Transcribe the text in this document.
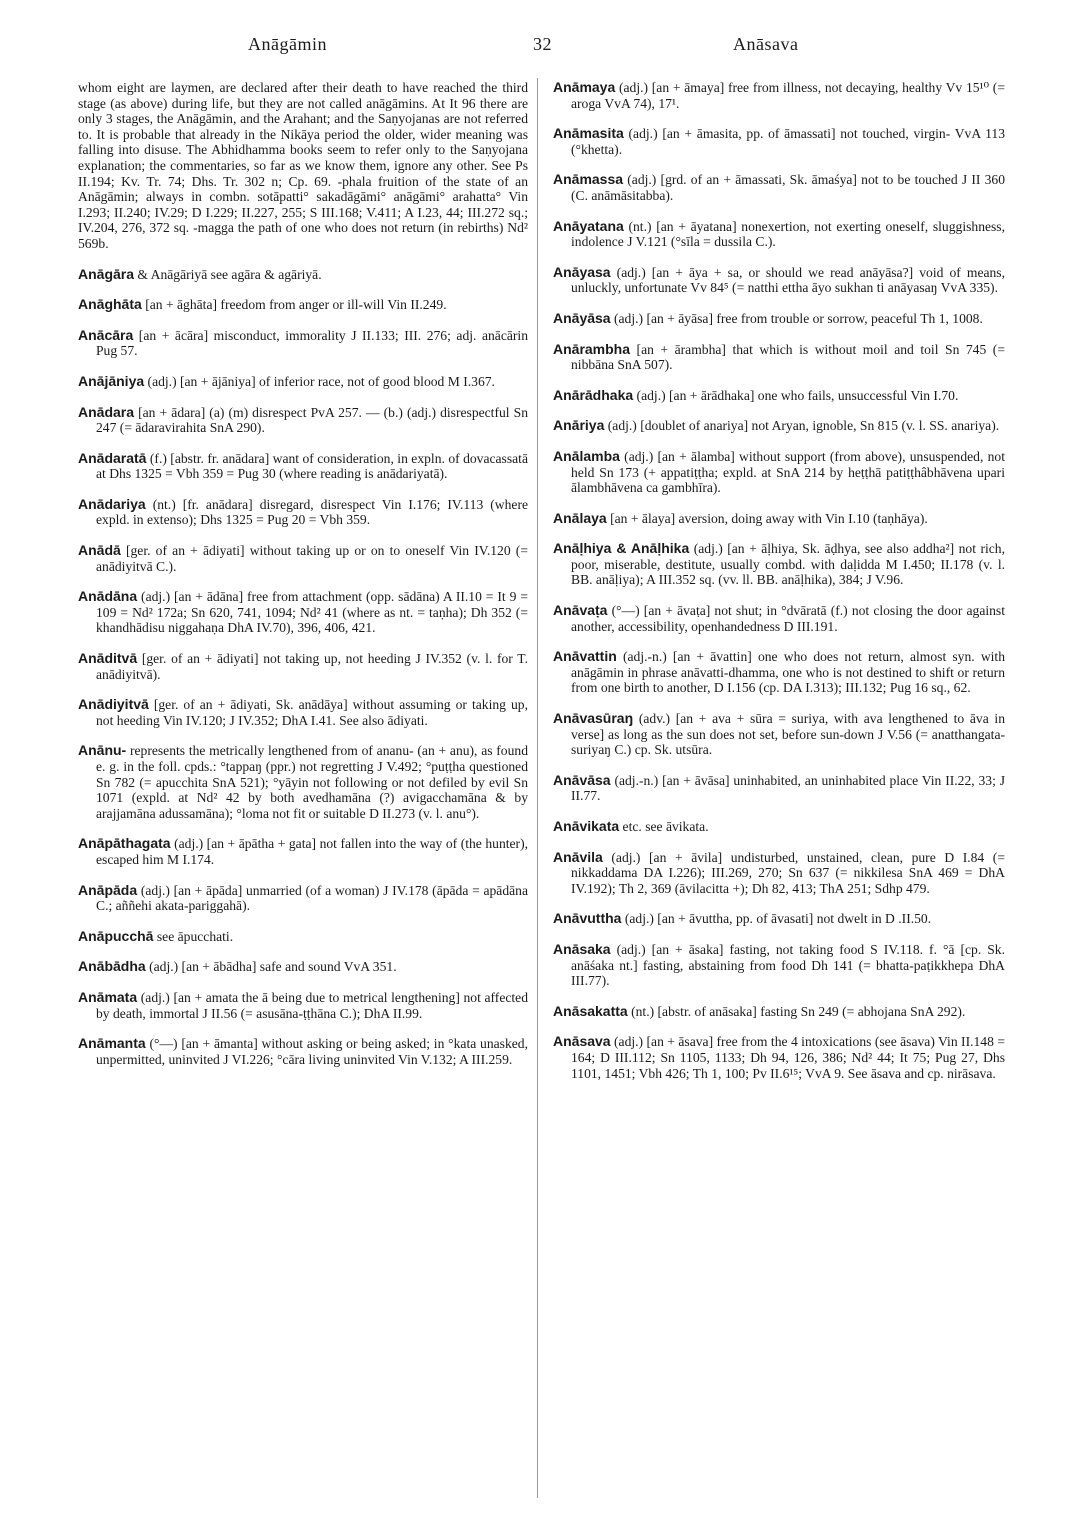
Anāgāmin	32	Anāsava

whom eight are laymen, are declared after their death to have reached the third stage (as above) during life, but they are not called anāgāmins. At It 96 there are only 3 stages, the Anāgāmin, and the Arahant; and the Saṇyojanas are not referred to. It is probable that already in the Nikāya period the older, wider meaning was falling into disuse. The Abhidhamma books seem to refer only to the Saṇyojana explanation; the commentaries, so far as we know them, ignore any other. See Ps II.194; Kv. Tr. 74; Dhs. Tr. 302 n; Cp. 69. -phala fruition of the state of an Anāgāmin; always in combn. sotāpatti° sakadāgāmi° anāgāmi° arahatta° Vin I.293; II.240; IV.29; D I.229; II.227, 255; S III.168; V.411; A I.23, 44; III.272 sq.; IV.204, 276, 372 sq. -magga the path of one who does not return (in rebirths) Nd² 569b.

Anāgāra & Anāgāriyā see agāra & agāriyā.

Anāghāta [an + āghāta] freedom from anger or ill-will Vin II.249.

Anācāra [an + ācāra] misconduct, immorality J II.133; III. 276; adj. anācārin Pug 57.

Anājāniya (adj.) [an + ājāniya] of inferior race, not of good blood M I.367.

Anādara [an + ādara] (a) (m) disrespect PvA 257. — (b.) (adj.) disrespectful Sn 247 (= ādaravirahita SnA 290).

Anādaratā (f.) [abstr. fr. anādara] want of consideration, in expln. of dovacassatā at Dhs 1325 = Vbh 359 = Pug 30 (where reading is anādariyatā).

Anādariya (nt.) [fr. anādara] disregard, disrespect Vin I.176; IV.113 (where expld. in extenso); Dhs 1325 = Pug 20 = Vbh 359.

Anādā [ger. of an + ādiyati] without taking up or on to oneself Vin IV.120 (= anādiyitvā C.).

Anādāna (adj.) [an + ādāna] free from attachment (opp. sādāna) A II.10 = It 9 = 109 = Nd² 172a; Sn 620, 741, 1094; Nd² 41 (where as nt. = taṇha); Dh 352 (= khandhādisu niggahaṇa DhA IV.70), 396, 406, 421.

Anāditvā [ger. of an + ādiyati] not taking up, not heeding J IV.352 (v. l. for T. anādiyitvā).

Anādiyitvā [ger. of an + ādiyati, Sk. anādāya] without assuming or taking up, not heeding Vin IV.120; J IV.352; DhA I.41. See also ādiyati.

Anānu- represents the metrically lengthened from of ananu- (an + anu), as found e. g. in the foll. cpds.: °tappaŋ (ppr.) not regretting J V.492; °puṭṭha questioned Sn 782 (= apucchita SnA 521); °yāyin not following or not defiled by evil Sn 1071 (expld. at Nd² 42 by both avedhamāna (?) avigacchamāna & by arajjamāna adussamāna); °loma not fit or suitable D II.273 (v. l. anu°).

Anāpāthagata (adj.) [an + āpātha + gata] not fallen into the way of (the hunter), escaped him M I.174.

Anāpāda (adj.) [an + āpāda] unmarried (of a woman) J IV.178 (āpāda = apādāna C.; aññehi akata-pariggahā).

Anāpucchā see āpucchati.

Anābādha (adj.) [an + ābādha] safe and sound VvA 351.

Anāmata (adj.) [an + amata the ā being due to metrical lengthening] not affected by death, immortal J II.56 (= asusāna-ṭṭhāna C.); DhA II.99.

Anāmanta (°—) [an + āmanta] without asking or being asked; in °kata unasked, unpermitted, uninvited J VI.226; °cāra living uninvited Vin V.132; A III.259.

Anāmaya (adj.) [an + āmaya] free from illness, not decaying, healthy Vv 15¹⁰ (= aroga VvA 74), 17¹.

Anāmasita (adj.) [an + āmasita, pp. of āmassati] not touched, virgin- VvA 113 (°khetta).

Anāmassa (adj.) [grd. of an + āmassati, Sk. āmaśya] not to be touched J II 360 (C. anāmāsitabba).

Anāyatana (nt.) [an + āyatana] nonexertion, not exerting oneself, sluggishness, indolence J V.121 (°sīla = dussila C.).

Anāyasa (adj.) [an + āya + sa, or should we read anāyāsa?] void of means, unluckly, unfortunate Vv 84⁵ (= natthi ettha āyo sukhan ti anāyasaŋ VvA 335).

Anāyāsa (adj.) [an + āyāsa] free from trouble or sorrow, peaceful Th 1, 1008.

Anārambha [an + ārambha] that which is without moil and toil Sn 745 (= nibbāna SnA 507).

Anārādhaka (adj.) [an + ārādhaka] one who fails, unsuccessful Vin I.70.

Anāriya (adj.) [doublet of anariya] not Aryan, ignoble, Sn 815 (v. l. SS. anariya).

Anālamba (adj.) [an + ālamba] without support (from above), unsuspended, not held Sn 173 (+ appatiṭṭha; expld. at SnA 214 by heṭṭhā patiṭṭhâbhāvena upari ālambhāvena ca gambhīra).

Anālaya [an + ālaya] aversion, doing away with Vin I.10 (taṇhāya).

Anāḷhiya & Anāḷhika (adj.) [an + āḷhiya, Sk. āḍhya, see also addha²] not rich, poor, miserable, destitute, usually combd. with daḷidda M I.450; II.178 (v. l. BB. anāḷiya); A III.352 sq. (vv. ll. BB. anāḷhika), 384; J V.96.

Anāvaṭa (°—) [an + āvaṭa] not shut; in °dvāratā (f.) not closing the door against another, accessibility, openhandedness D III.191.

Anāvattin (adj.-n.) [an + āvattin] one who does not return, almost syn. with anāgāmin in phrase anāvatti-dhamma, one who is not destined to shift or return from one birth to another, D I.156 (cp. DA I.313); III.132; Pug 16 sq., 62.

Anāvasūraŋ (adv.) [an + ava + sūra = suriya, with ava lengthened to āva in verse] as long as the sun does not set, before sun-down J V.56 (= anatthangata-suriyaŋ C.) cp. Sk. utsūra.

Anāvāsa (adj.-n.) [an + āvāsa] uninhabited, an uninhabited place Vin II.22, 33; J II.77.

Anāvikata etc. see āvikata.

Anāvila (adj.) [an + āvila] undisturbed, unstained, clean, pure D I.84 (= nikkaddama DA I.226); III.269, 270; Sn 637 (= nikkilesa SnA 469 = DhA IV.192); Th 2, 369 (āvilacitta +); Dh 82, 413; ThA 251; Sdhp 479.

Anāvuttha (adj.) [an + āvuttha, pp. of āvasati] not dwelt in D .II.50.

Anāsaka (adj.) [an + āsaka] fasting, not taking food S IV.118. f. °ā [cp. Sk. anāśaka nt.] fasting, abstaining from food Dh 141 (= bhatta-paṭikkhepa DhA III.77).

Anāsakatta (nt.) [abstr. of anāsaka] fasting Sn 249 (= abhojana SnA 292).

Anāsava (adj.) [an + āsava] free from the 4 intoxications (see āsava) Vin II.148 = 164; D III.112; Sn 1105, 1133; Dh 94, 126, 386; Nd² 44; It 75; Pug 27, Dhs 1101, 1451; Vbh 426; Th 1, 100; Pv II.6¹⁵; VvA 9. See āsava and cp. nirāsava.
